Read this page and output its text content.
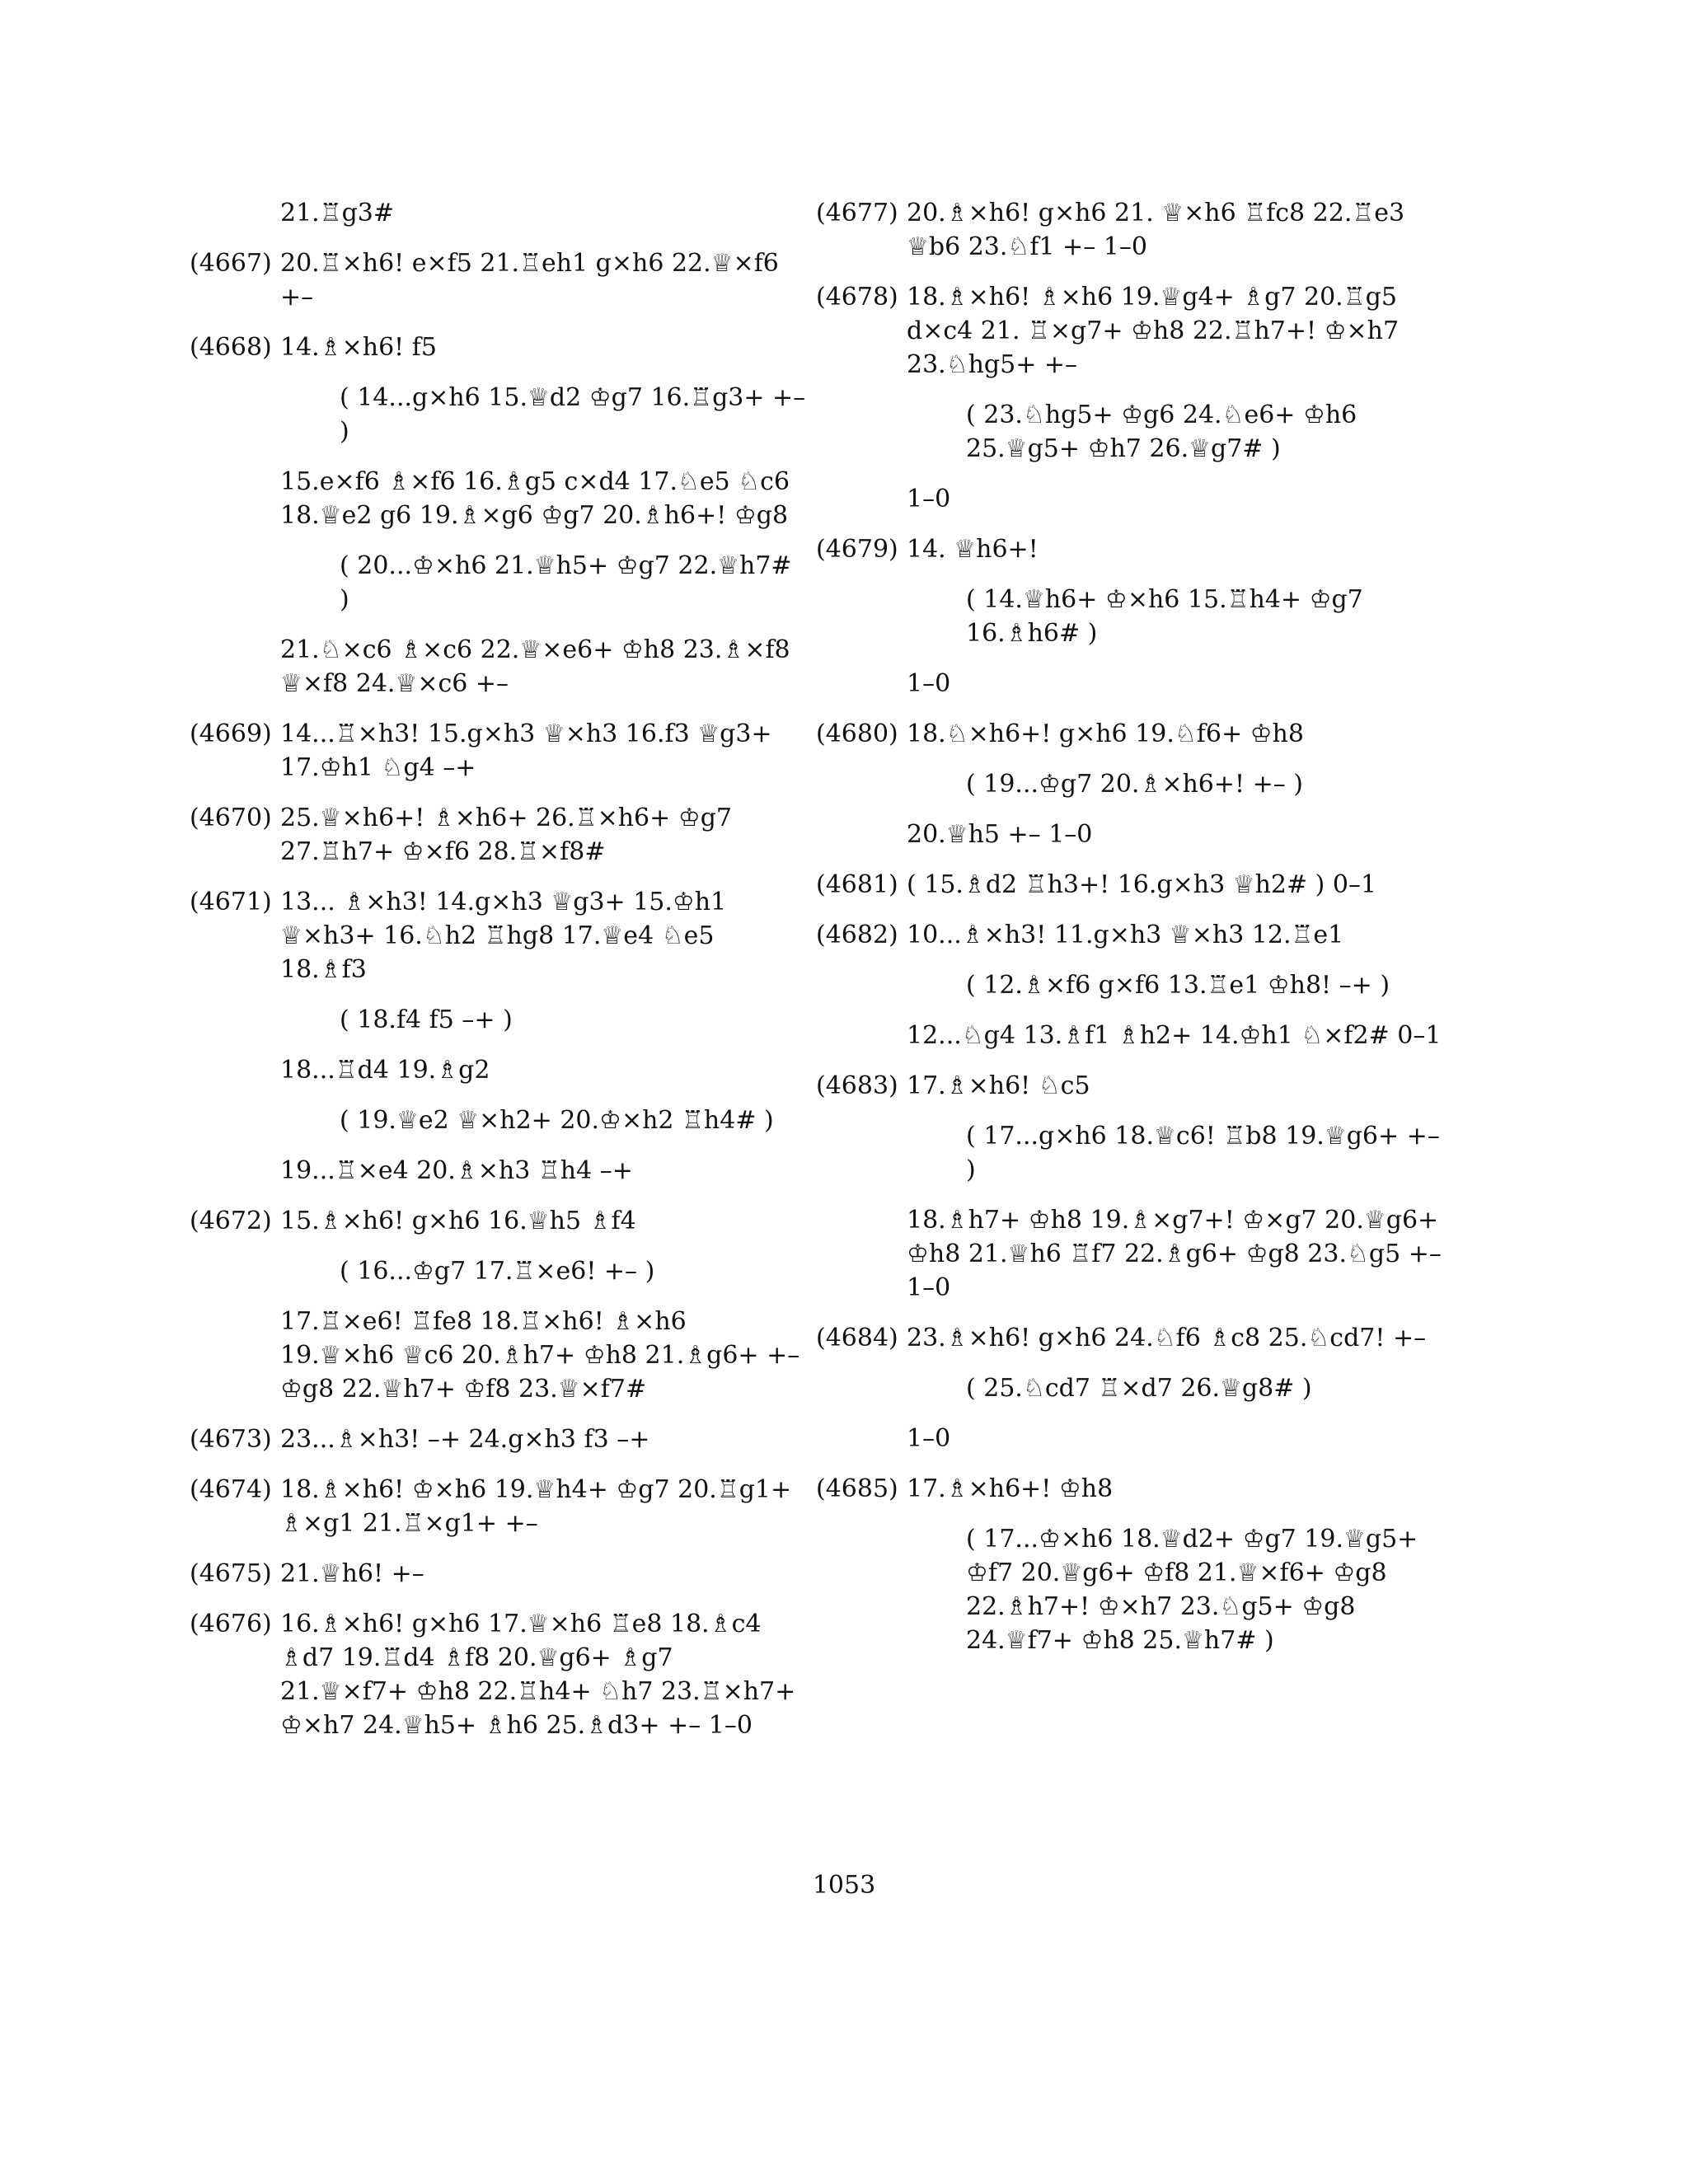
21.♖g3#
(4667) 20.♖×h6! e×f5 21.♖eh1 g×h6 22.♕×f6 +–
(4668) 14.♗×h6! f5
( 14...g×h6 15.♕d2 ♔g7 16.♖g3+ +– )
15.e×f6 ♗×f6 16.♗g5 c×d4 17.♘e5 ♘c6 18.♕e2 g6 19.♗×g6 ♔g7 20.♗h6+! ♔g8
( 20...♔×h6 21.♕h5+ ♔g7 22.♕h7# )
21.♘×c6 ♗×c6 22.♕×e6+ ♔h8 23.♗×f8 ♕×f8 24.♕×c6 +–
(4669) 14...♖×h3! 15.g×h3 ♕×h3 16.f3 ♕g3+ 17.♔h1 ♘g4 –+
(4670) 25.♕×h6+! ♗×h6+ 26.♖×h6+ ♔g7 27.♖h7+ ♔×f6 28.♖×f8#
(4671) 13... ♗×h3! 14.g×h3 ♕g3+ 15.♔h1 ♕×h3+ 16.♘h2 ♖hg8 17.♕e4 ♘e5 18.♗f3
( 18.f4 f5 –+ )
18...♖d4 19.♗g2
( 19.♕e2 ♕×h2+ 20.♔×h2 ♖h4# )
19...♖×e4 20.♗×h3 ♖h4 –+
(4672) 15.♗×h6! g×h6 16.♕h5 ♗f4
( 16...♔g7 17.♖×e6! +– )
17.♖×e6! ♖fe8 18.♖×h6! ♗×h6 19.♕×h6 ♕c6 20.♗h7+ ♔h8 21.♗g6+ +– ♔g8 22.♕h7+ ♔f8 23.♕×f7#
(4673) 23...♗×h3! –+ 24.g×h3 f3 –+
(4674) 18.♗×h6! ♔×h6 19.♕h4+ ♔g7 20.♖g1+ ♗×g1 21.♖×g1+ +–
(4675) 21.♕h6! +–
(4676) 16.♗×h6! g×h6 17.♕×h6 ♖e8 18.♗c4 ♗d7 19.♖d4 ♗f8 20.♕g6+ ♗g7 21.♕×f7+ ♔h8 22.♖h4+ ♘h7 23.♖×h7+ ♔×h7 24.♕h5+ ♗h6 25.♗d3+ +– 1–0
(4677) 20.♗×h6! g×h6 21. ♕×h6 ♖fc8 22.♖e3 ♕b6 23.♘f1 +– 1–0
(4678) 18.♗×h6! ♗×h6 19.♕g4+ ♗g7 20.♖g5 d×c4 21. ♖×g7+ ♔h8 22.♖h7+! ♔×h7 23.♘hg5+ +–
( 23.♘hg5+ ♔g6 24.♘e6+ ♔h6 25.♕g5+ ♔h7 26.♕g7# )
1–0
(4679) 14. ♕h6+!
( 14.♕h6+ ♔×h6 15.♖h4+ ♔g7 16.♗h6# )
1–0
(4680) 18.♘×h6+! g×h6 19.♘f6+ ♔h8
( 19...♔g7 20.♗×h6+! +– )
20.♕h5 +– 1–0
(4681) ( 15.♗d2 ♖h3+! 16.g×h3 ♕h2# ) 0–1
(4682) 10...♗×h3! 11.g×h3 ♕×h3 12.♖e1
( 12.♗×f6 g×f6 13.♖e1 ♔h8! –+ )
12...♘g4 13.♗f1 ♗h2+ 14.♔h1 ♘×f2# 0–1
(4683) 17.♗×h6! ♘c5
( 17...g×h6 18.♕c6! ♖b8 19.♕g6+ +– )
18.♗h7+ ♔h8 19.♗×g7+! ♔×g7 20.♕g6+ ♔h8 21.♕h6 ♖f7 22.♗g6+ ♔g8 23.♘g5 +– 1–0
(4684) 23.♗×h6! g×h6 24.♘f6 ♗c8 25.♘cd7! +–
( 25.♘cd7 ♖×d7 26.♕g8# )
1–0
(4685) 17.♗×h6+! ♔h8
( 17...♔×h6 18.♕d2+ ♔g7 19.♕g5+ ♔f7 20.♕g6+ ♔f8 21.♕×f6+ ♔g8 22.♗h7+! ♔×h7 23.♘g5+ ♔g8 24.♕f7+ ♔h8 25.♕h7# )
1053
